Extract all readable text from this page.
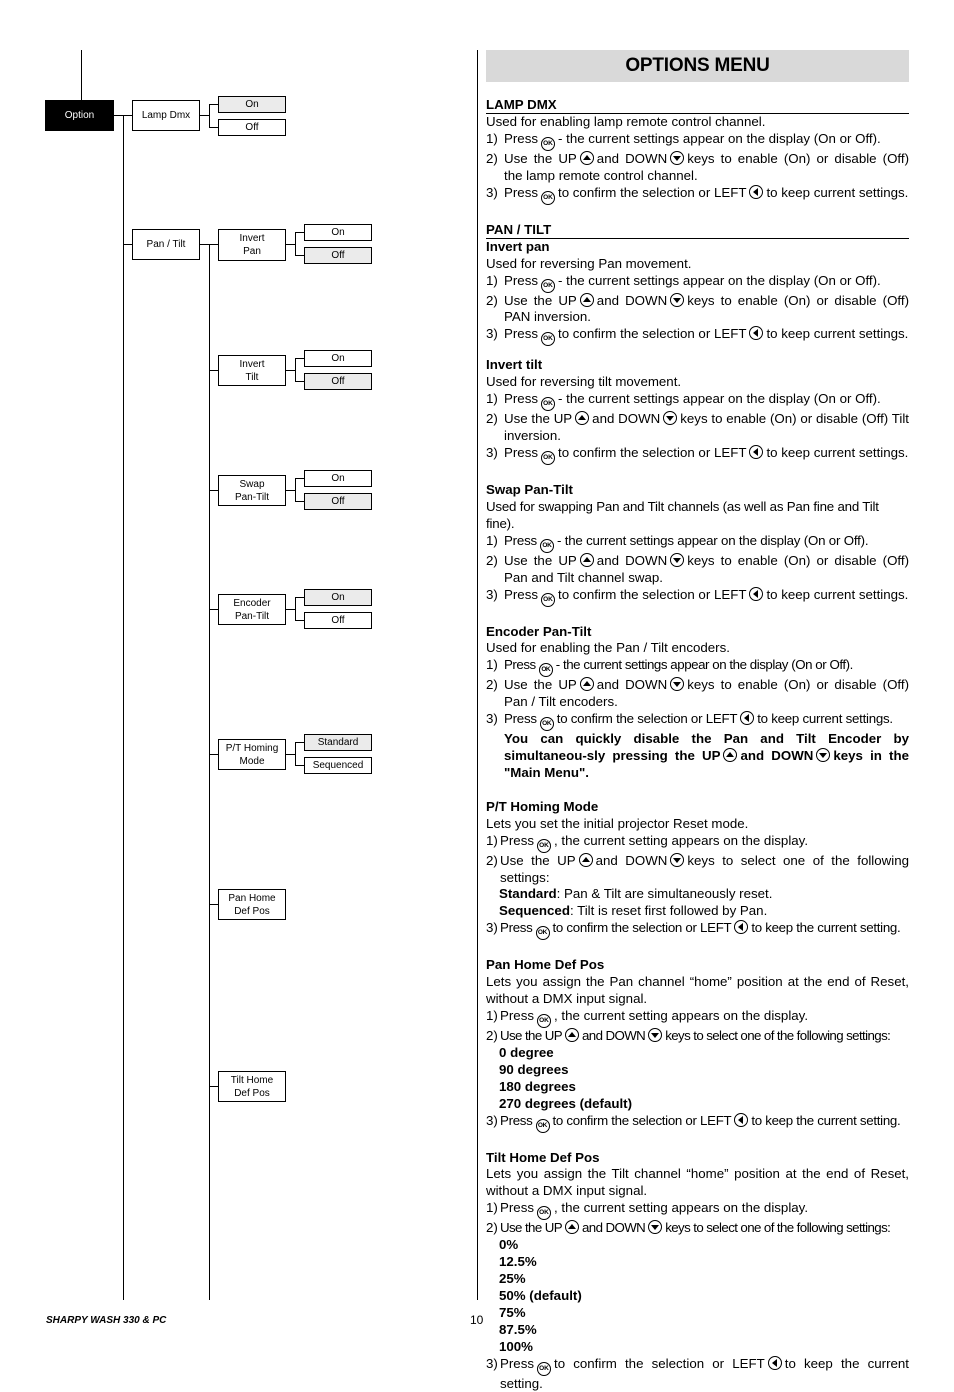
Option	Lamp Dmx
On
Off
Pan / Tilt
Invert
Pan
On
Off
Invert
Tilt
On
Off
Swap
Pan-Tilt
On
Off
Encoder
Pan-Tilt
On
Off
P/T Homing
Mode
Standard
Sequenced
Pan Home
Def Pos
Tilt Home
Def Pos
OPTIONS MENU
LAMP DMX
Used for enabling lamp remote control channel.
1) Press OK - the current settings appear on the display (On or Off).
2) Use the UP and DOWN keys to enable (On) or disable (Off) the lamp remote control channel.
3) Press OK to confirm the selection or LEFT to keep current settings.
PAN / TILT
Invert pan
Used for reversing Pan movement.
1) Press OK - the current settings appear on the display (On or Off).
2) Use the UP and DOWN keys to enable (On) or disable (Off) PAN inversion.
3) Press OK to confirm the selection or LEFT to keep current settings.
Invert tilt
Used for reversing tilt movement.
1) Press OK - the current settings appear on the display (On or Off).
2) Use the UP and DOWN keys to enable (On) or disable (Off) Tilt inversion.
3) Press OK to confirm the selection or LEFT to keep current settings.
Swap Pan-Tilt
Used for swapping Pan and Tilt channels (as well as Pan fine and Tilt fine).
1) Press OK - the current settings appear on the display (On or Off).
2) Use the UP and DOWN keys to enable (On) or disable (Off) Pan and Tilt channel swap.
3) Press OK to confirm the selection or LEFT to keep current settings.
Encoder Pan-Tilt
Used for enabling the Pan / Tilt encoders.
1) Press OK - the current settings appear on the display (On or Off).
2) Use the UP and DOWN keys to enable (On) or disable (Off) Pan / Tilt encoders.
3) Press OK to confirm the selection or LEFT to keep current settings.
You can quickly disable the Pan and Tilt Encoder by simultaneou-sly pressing the UP and DOWN keys in the "Main Menu".
P/T Homing Mode
Lets you set the initial projector Reset mode.
1) Press OK , the current setting appears on the display.
2) Use the UP and DOWN keys to select one of the following settings:
Standard: Pan & Tilt are simultaneously reset.
Sequenced: Tilt is reset first followed by Pan.
3) Press OK to confirm the selection or LEFT to keep the current setting.
Pan Home Def Pos
Lets you assign the Pan channel “home” position at the end of Reset, without a DMX input signal.
1) Press OK , the current setting appears on the display.
2) Use the UP and DOWN keys to select one of the following settings:
0 degree
90 degrees
180 degrees
270 degrees (default)
3) Press OK to confirm the selection or LEFT to keep the current setting.
Tilt Home Def Pos
Lets you assign the Tilt channel “home” position at the end of Reset, without a DMX input signal.
1) Press OK , the current setting appears on the display.
2) Use the UP and DOWN keys to select one of the following settings:
0%
12.5%
25%
50% (default)
75%
87.5%
100%
3) Press OK to confirm the selection or LEFT to keep the current setting.
SHARPY WASH 330 & PC	10
